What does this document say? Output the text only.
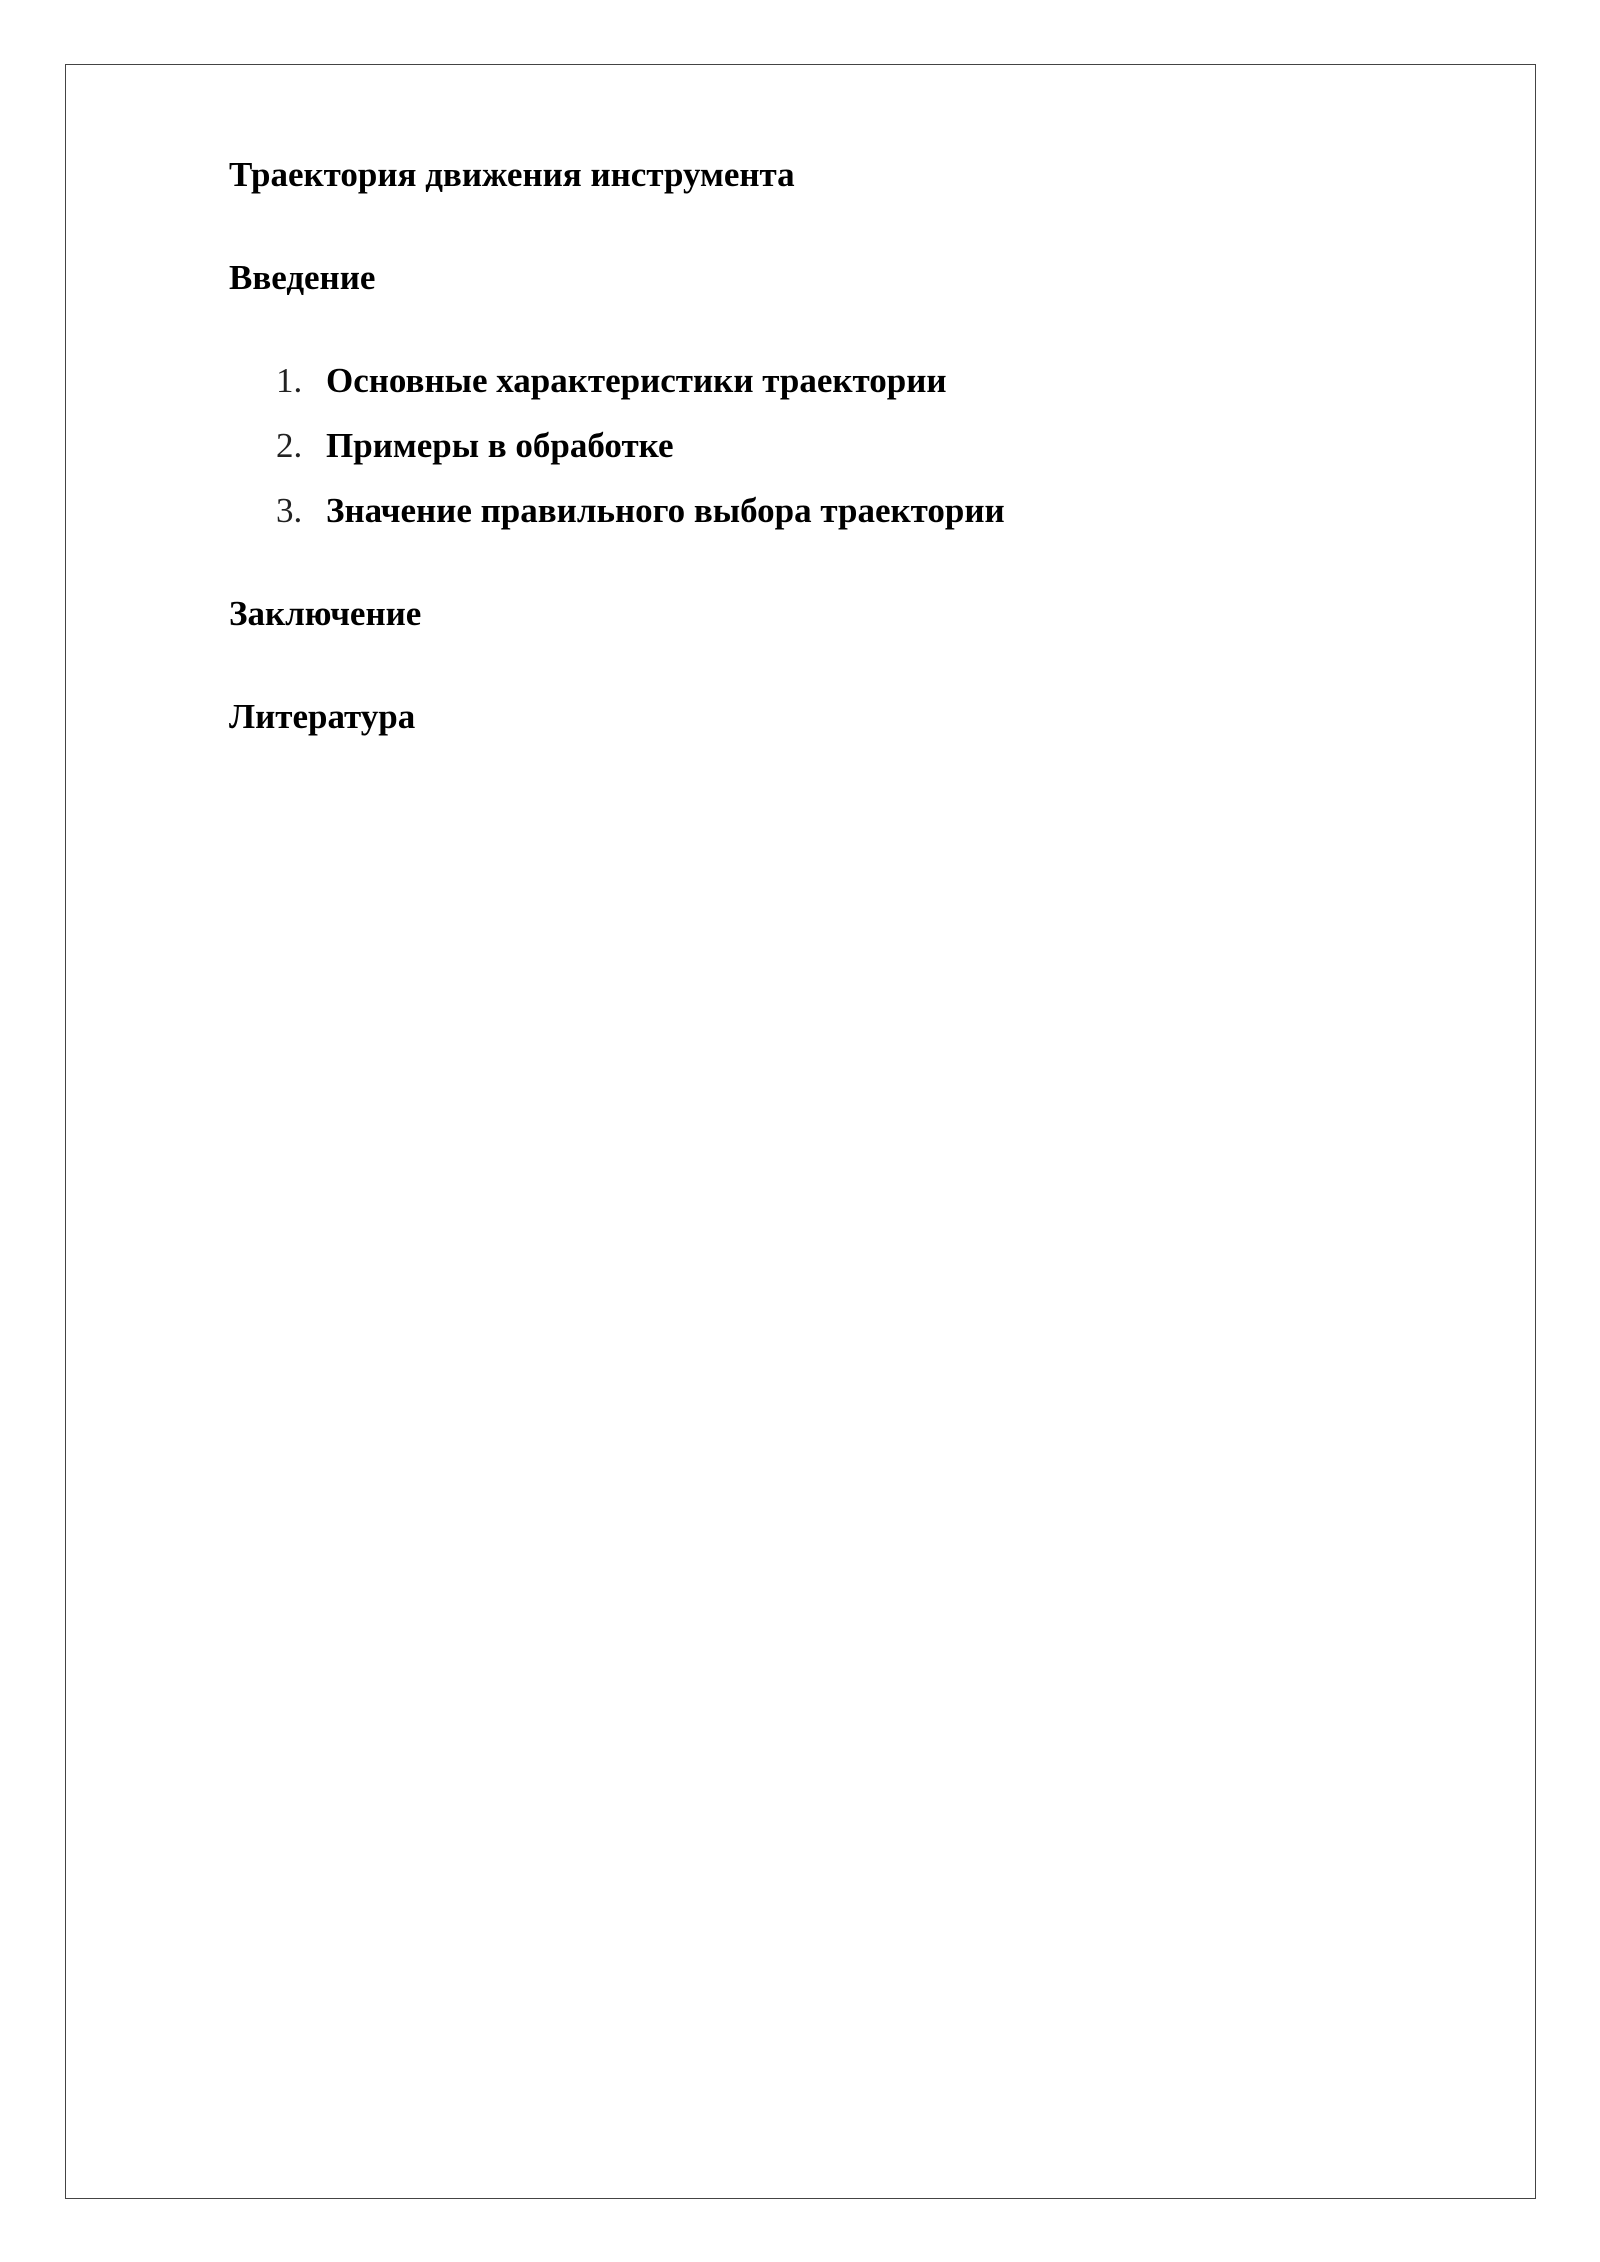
Траектория движения инструмента
Введение
1. Основные характеристики траектории
2. Примеры в обработке
3. Значение правильного выбора траектории
Заключение
Литература
